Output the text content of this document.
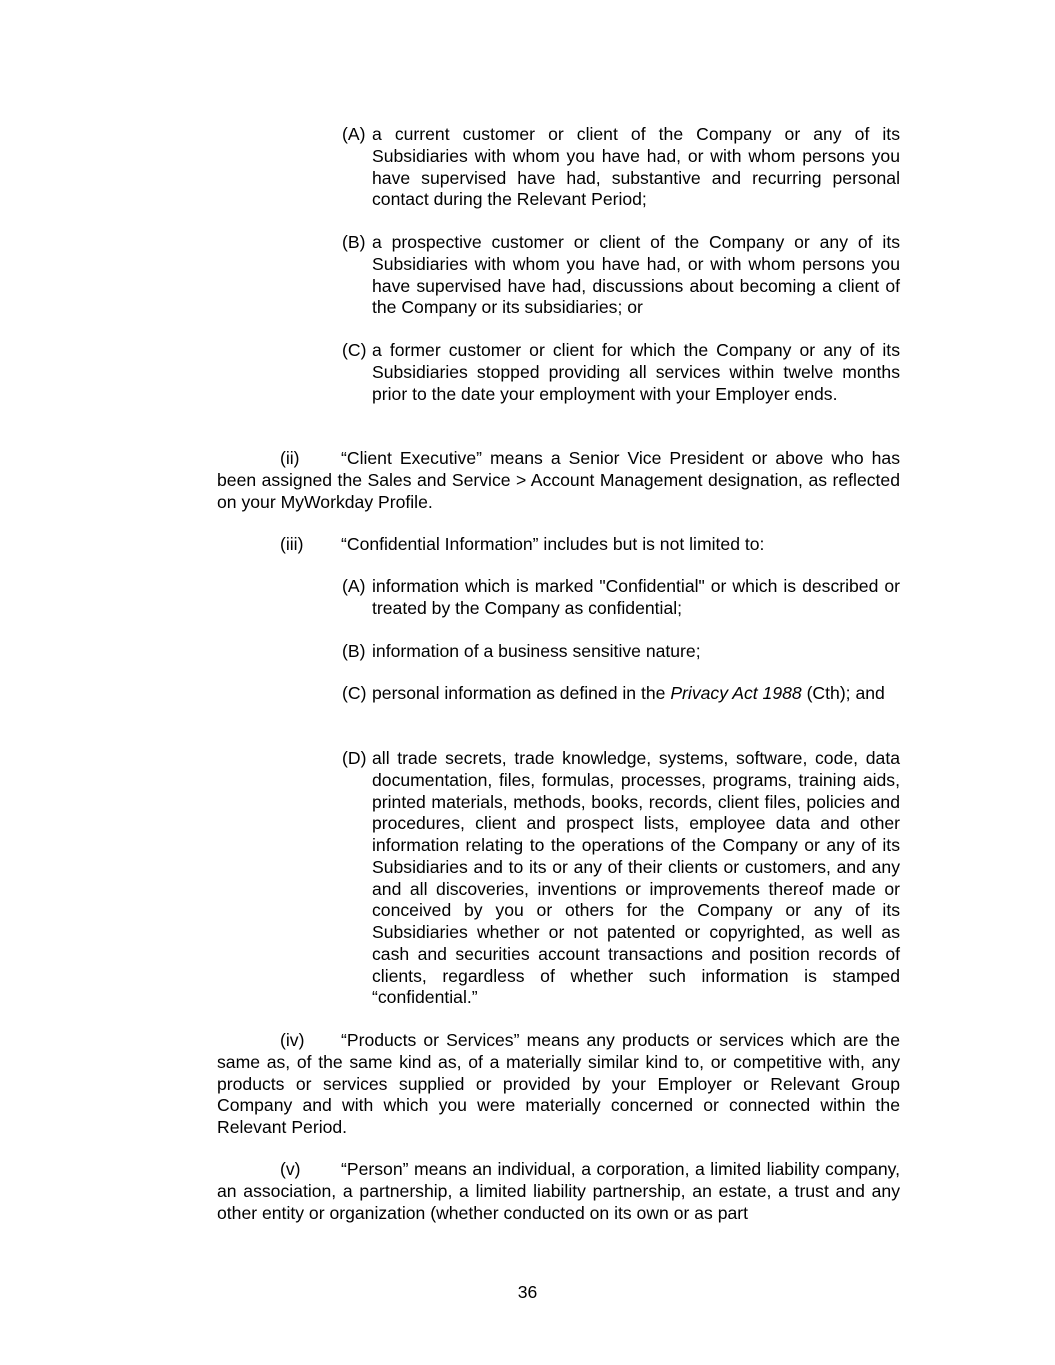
(A) a current customer or client of the Company or any of its Subsidiaries with whom you have had, or with whom persons you have supervised have had, substantive and recurring personal contact during the Relevant Period;
(B) a prospective customer or client of the Company or any of its Subsidiaries with whom you have had, or with whom persons you have supervised have had, discussions about becoming a client of the Company or its subsidiaries; or
(C) a former customer or client for which the Company or any of its Subsidiaries stopped providing all services within twelve months prior to the date your employment with your Employer ends.
(ii) “Client Executive” means a Senior Vice President or above who has been assigned the Sales and Service > Account Management designation, as reflected on your MyWorkday Profile.
(iii) “Confidential Information” includes but is not limited to:
(A) information which is marked "Confidential" or which is described or treated by the Company as confidential;
(B) information of a business sensitive nature;
(C) personal information as defined in the Privacy Act 1988 (Cth); and
(D) all trade secrets, trade knowledge, systems, software, code, data documentation, files, formulas, processes, programs, training aids, printed materials, methods, books, records, client files, policies and procedures, client and prospect lists, employee data and other information relating to the operations of the Company or any of its Subsidiaries and to its or any of their clients or customers, and any and all discoveries, inventions or improvements thereof made or conceived by you or others for the Company or any of its Subsidiaries whether or not patented or copyrighted, as well as cash and securities account transactions and position records of clients, regardless of whether such information is stamped “confidential.”
(iv) “Products or Services” means any products or services which are the same as, of the same kind as, of a materially similar kind to, or competitive with, any products or services supplied or provided by your Employer or Relevant Group Company and with which you were materially concerned or connected within the Relevant Period.
(v) “Person” means an individual, a corporation, a limited liability company, an association, a partnership, a limited liability partnership, an estate, a trust and any other entity or organization (whether conducted on its own or as part
36
